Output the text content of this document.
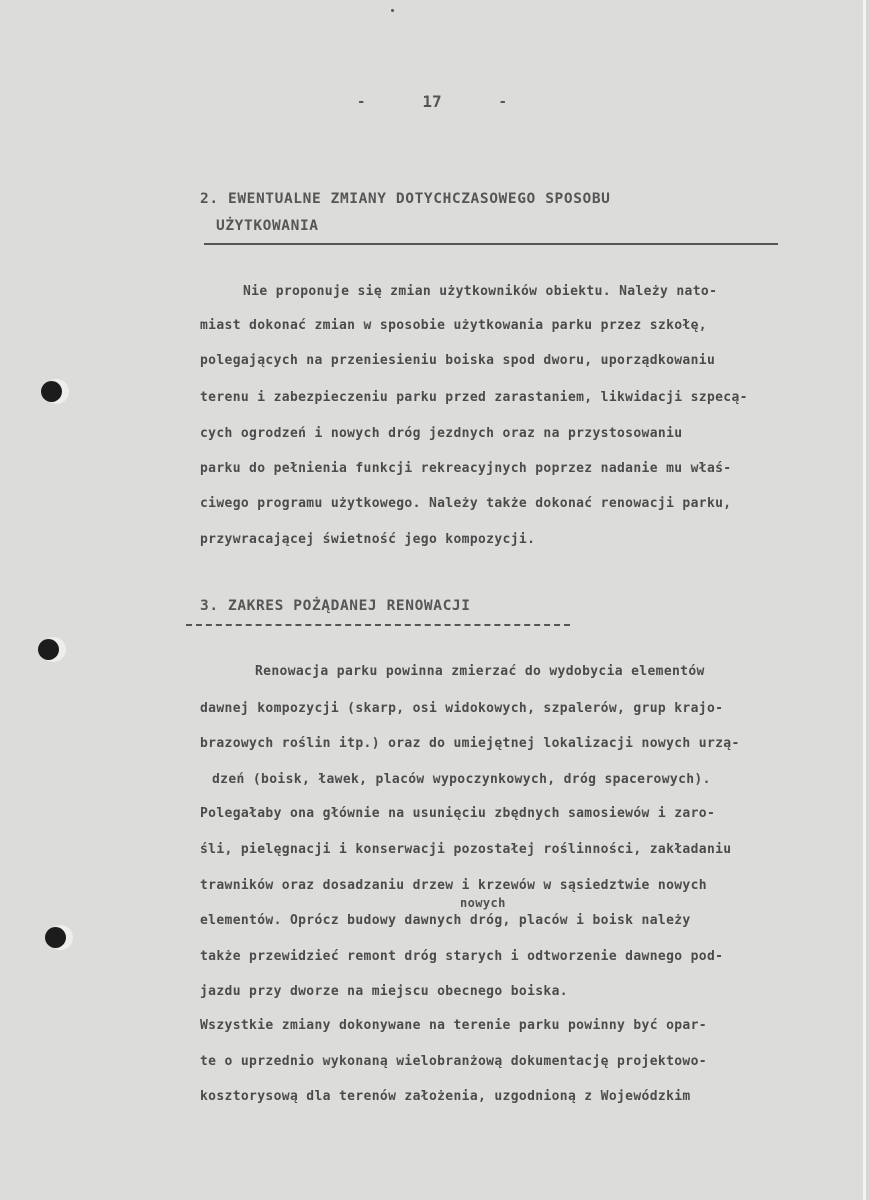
-	17	-
2. EWENTUALNE ZMIANY DOTYCHCZASOWEGO SPOSOBU
UŻYTKOWANIA
Nie proponuje się zmian użytkowników obiektu. Należy nato-
miast dokonać zmian w sposobie użytkowania parku przez szkołę,
polegających na przeniesieniu boiska spod dworu, uporządkowaniu
terenu i zabezpieczeniu parku przed zarastaniem, likwidacji szpecą-
cych ogrodzeń i nowych dróg jezdnych oraz na przystosowaniu
parku do pełnienia funkcji rekreacyjnych poprzez nadanie mu właś-
ciwego programu użytkowego. Należy także dokonać renowacji parku,
przywracającej świetność jego kompozycji.
3. ZAKRES POŻĄDANEJ RENOWACJI
Renowacja parku powinna zmierzać do wydobycia elementów
dawnej kompozycji (skarp, osi widokowych, szpalerów, grup krajo-
brazowych roślin itp.) oraz do umiejętnej lokalizacji nowych urzą-
dzeń (boisk, ławek, placów wypoczynkowych, dróg spacerowych).
Polegałaby ona głównie na usunięciu zbędnych samosiewów i zaro-
śli, pielęgnacji i konserwacji pozostałej roślinności, zakładaniu
trawników oraz dosadzaniu drzew i krzewów w sąsiedztwie nowych
nowych
elementów. Oprócz budowy dawnych dróg, placów i boisk należy
także przewidzieć remont dróg starych i odtworzenie dawnego pod-
jazdu przy dworze na miejscu obecnego boiska.
Wszystkie zmiany dokonywane na terenie parku powinny być opar-
te o uprzednio wykonaną wielobranżową dokumentację projektowo-
kosztorysową dla terenów założenia, uzgodnioną z Wojewódzkim
